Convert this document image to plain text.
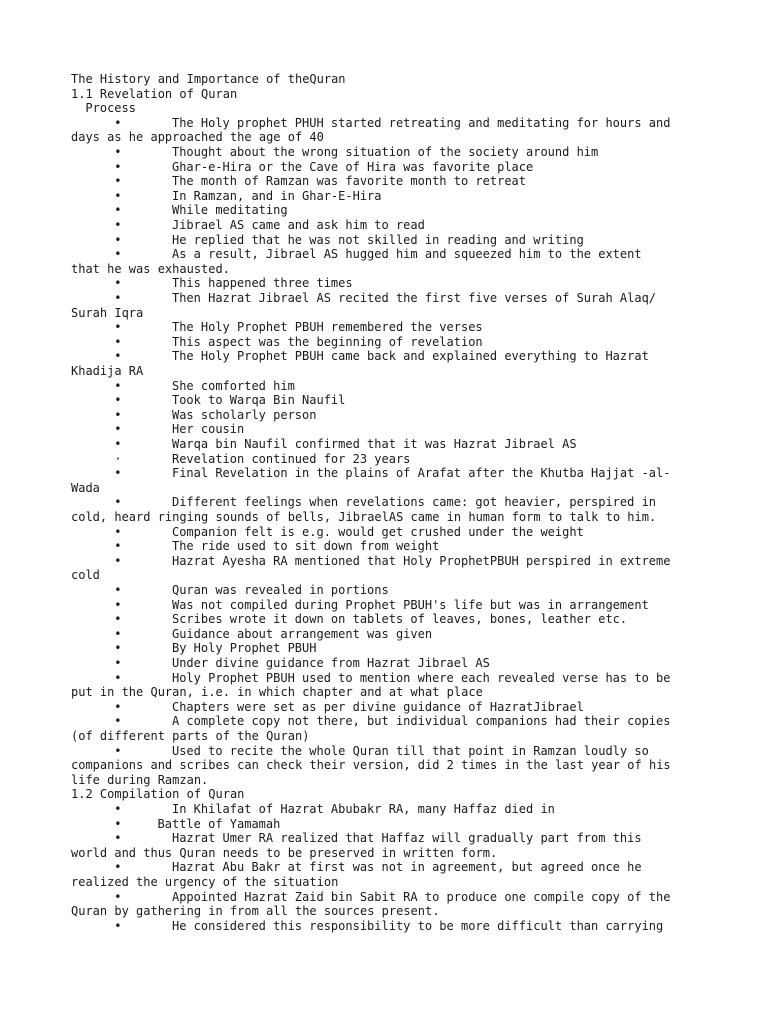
The History and Importance of theQuran
1.1 Revelation of Quran
Process
•       The Holy prophet PHUH started retreating and meditating for hours and
days as he approached the age of 40
•       Thought about the wrong situation of the society around him
•       Ghar-e-Hira or the Cave of Hira was favorite place
•       The month of Ramzan was favorite month to retreat
•       In Ramzan, and in Ghar-E-Hira
•       While meditating
•       Jibrael AS came and ask him to read
•       He replied that he was not skilled in reading and writing
•       As a result, Jibrael AS hugged him and squeezed him to the extent
that he was exhausted.
•       This happened three times
•       Then Hazrat Jibrael AS recited the first five verses of Surah Alaq/
Surah Iqra
•       The Holy Prophet PBUH remembered the verses
•       This aspect was the beginning of revelation
•       The Holy Prophet PBUH came back and explained everything to Hazrat
Khadija RA
•       She comforted him
•       Took to Warqa Bin Naufil
•       Was scholarly person
•       Her cousin
•       Warqa bin Naufil confirmed that it was Hazrat Jibrael AS
·       Revelation continued for 23 years
•       Final Revelation in the plains of Arafat after the Khutba Hajjat -al-
Wada
•       Different feelings when revelations came: got heavier, perspired in
cold, heard ringing sounds of bells, JibraelAS came in human form to talk to him.
•       Companion felt is e.g. would get crushed under the weight
•       The ride used to sit down from weight
•       Hazrat Ayesha RA mentioned that Holy ProphetPBUH perspired in extreme
cold
•       Quran was revealed in portions
•       Was not compiled during Prophet PBUH's life but was in arrangement
•       Scribes wrote it down on tablets of leaves, bones, leather etc.
•       Guidance about arrangement was given
•       By Holy Prophet PBUH
•       Under divine guidance from Hazrat Jibrael AS
•       Holy Prophet PBUH used to mention where each revealed verse has to be
put in the Quran, i.e. in which chapter and at what place
•       Chapters were set as per divine guidance of HazratJibrael
•       A complete copy not there, but individual companions had their copies
(of different parts of the Quran)
•       Used to recite the whole Quran till that point in Ramzan loudly so
companions and scribes can check their version, did 2 times in the last year of his
life during Ramzan.
1.2 Compilation of Quran
•       In Khilafat of Hazrat Abubakr RA, many Haffaz died in
•     Battle of Yamamah
•       Hazrat Umer RA realized that Haffaz will gradually part from this
world and thus Quran needs to be preserved in written form.
•       Hazrat Abu Bakr at first was not in agreement, but agreed once he
realized the urgency of the situation
•       Appointed Hazrat Zaid bin Sabit RA to produce one compile copy of the
Quran by gathering in from all the sources present.
•       He considered this responsibility to be more difficult than carrying
